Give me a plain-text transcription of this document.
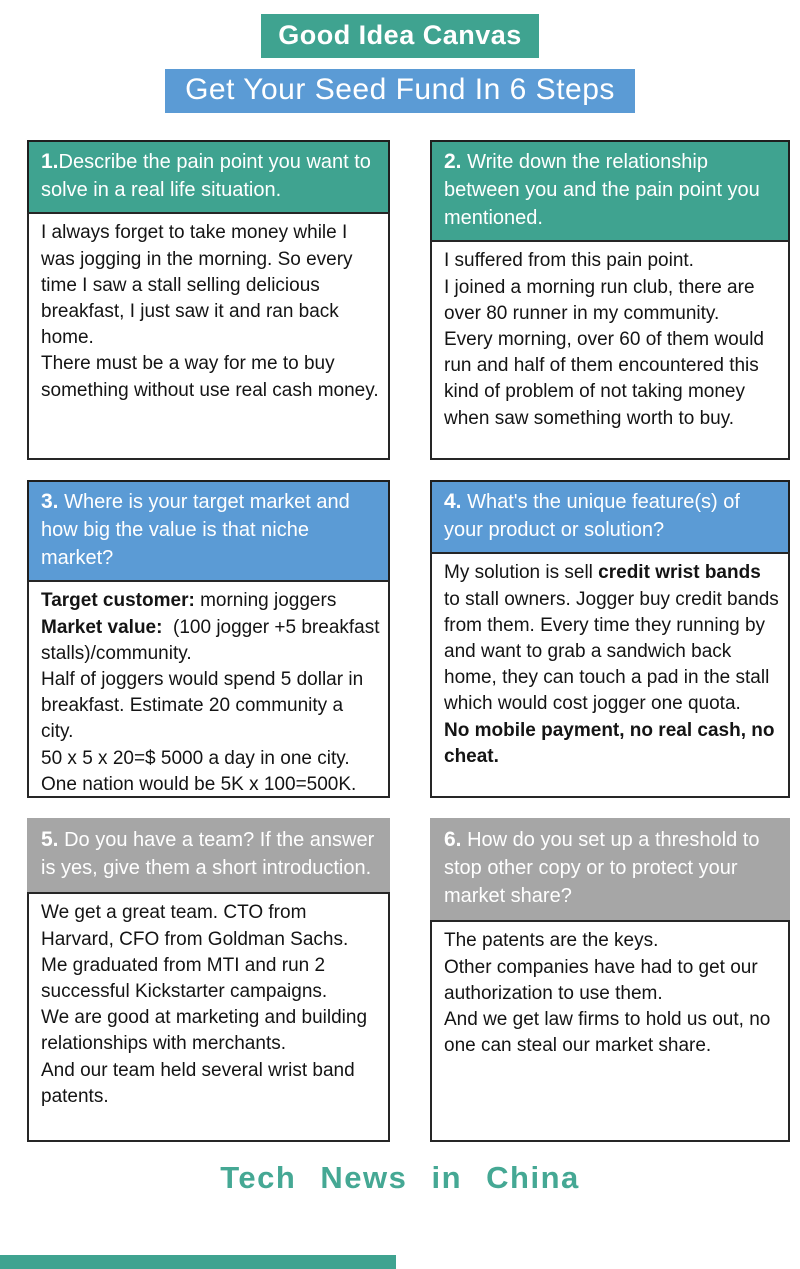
Good Idea Canvas
Get Your Seed Fund In 6 Steps
1.Describe the pain point you want to solve in a real life situation.

I always forget to take money while I was jogging in the morning. So every time I saw a stall selling delicious breakfast, I just saw it and ran back home.

There must be a way for me to buy something without use real cash money.

2. Write down the relationship between you and the pain point you mentioned.

I suffered from this pain point.

I joined a morning run club, there are over 80 runner in my community.

Every morning, over 60 of them would run and half of them encountered this kind of problem of not taking money when saw something worth to buy.

3. Where is your target market and how big the value is that niche market?

Target customer: morning joggers

Market value:  (100 jogger +5 breakfast stalls)/community.

Half of joggers would spend 5 dollar in breakfast. Estimate 20 community a city.

50 x 5 x 20=$ 5000 a day in one city.

One nation would be 5K x 100=500K.

4. What's the unique feature(s) of your product or solution?

My solution is sell credit wrist bands to stall owners. Jogger buy credit bands from them. Every time they running by and want to grab a sandwich back home, they can touch a pad in the stall which would cost jogger one quota.

No mobile payment, no real cash, no cheat.

5. Do you have a team? If the answer is yes, give them a short introduction.

We get a great team. CTO from Harvard, CFO from Goldman Sachs.

Me graduated from MTI and run 2 successful Kickstarter campaigns.

We are good at marketing and building relationships with merchants.

And our team held several wrist band patents.

6. How do you set up a threshold to stop other copy or to protect your market share?

The patents are the keys.

Other companies have had to get our authorization to use them.

And we get law firms to hold us out, no one can steal our market share.

Tech News in China
